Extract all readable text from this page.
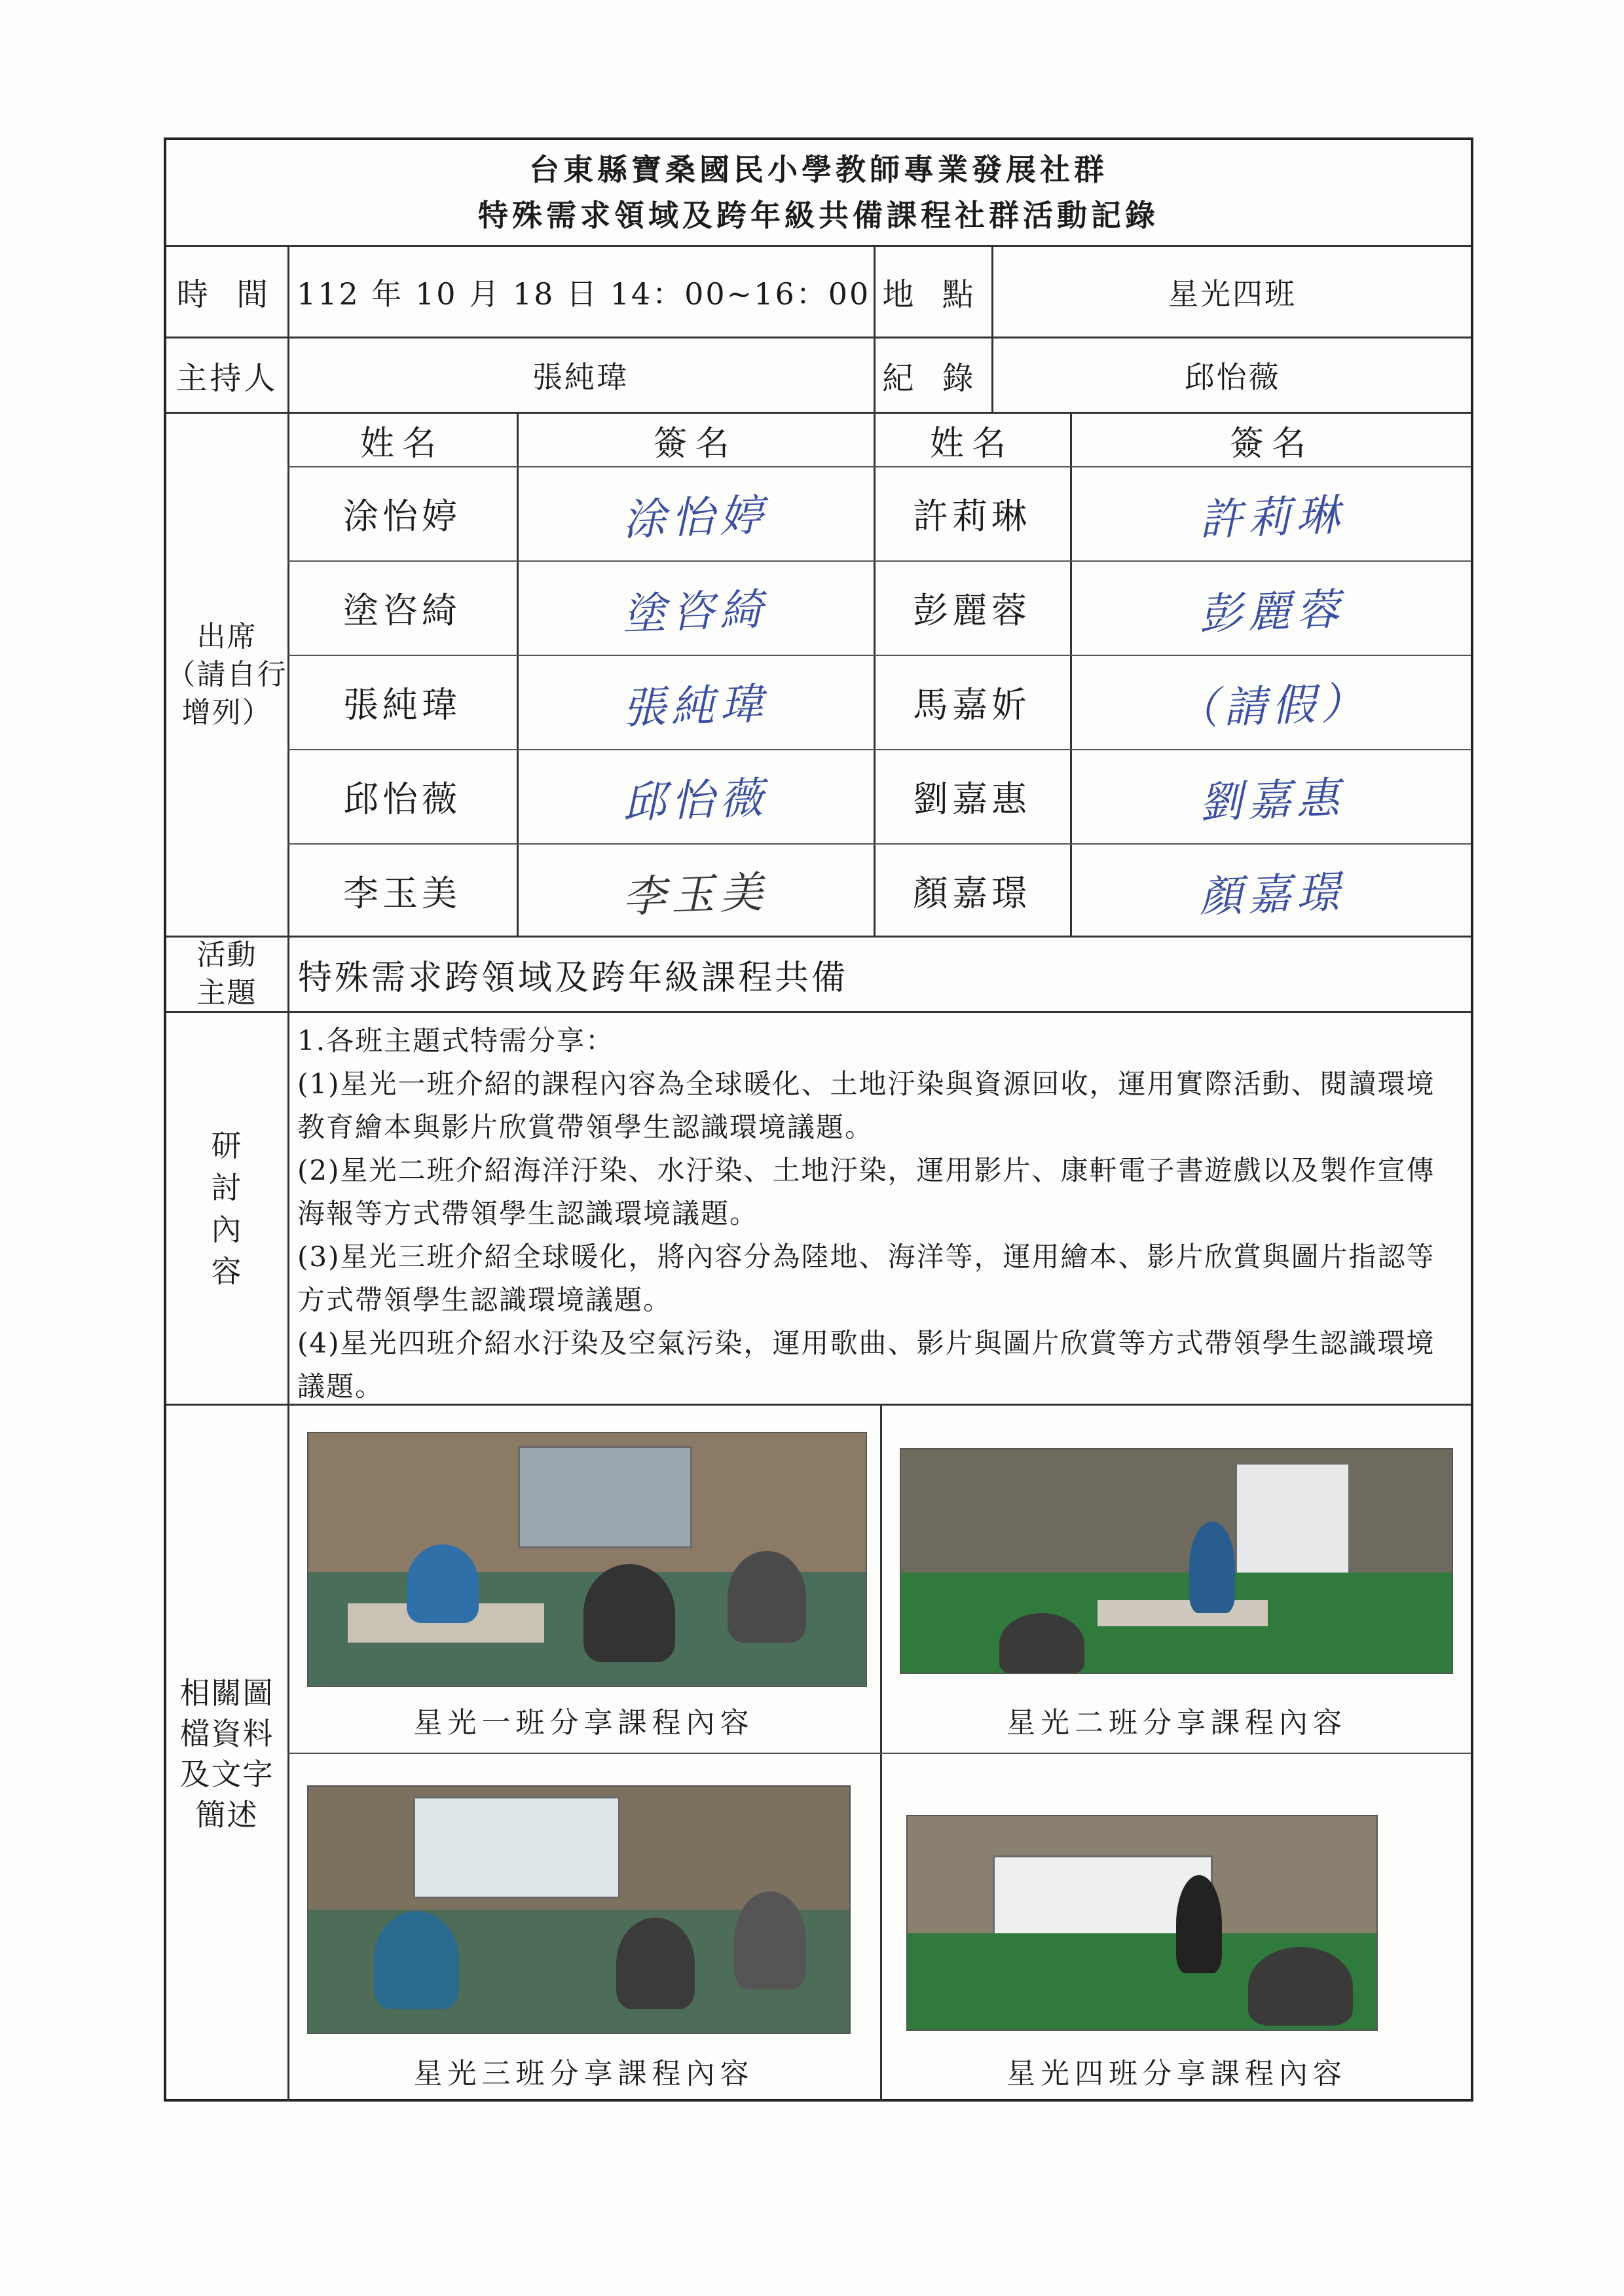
台東縣寶桑國民小學教師專業發展社群
特殊需求領域及跨年級共備課程社群活動記錄
時 間 112 年 10 月 18 日 14：00~16：00 地 點	星光四班
主持人	張純瑋	紀 錄	邱怡薇
出席
（請自行
增列）
姓名	簽名	姓名	簽名
涂怡婷	涂怡婷	許莉琳	許莉琳
塗咨綺	塗咨綺	彭麗蓉	彭麗蓉
張純瑋	張純瑋	馬嘉妡	（請假）
邱怡薇	邱怡薇	劉嘉惠	劉嘉惠
李玉美	李玉美	顏嘉璟	顏嘉璟
活動
主題	特殊需求跨領域及跨年級課程共備
研
討
內
容
1.各班主題式特需分享：
(1)星光一班介紹的課程內容為全球暖化、土地汙染與資源回收，運用實際活動、閱讀環境教育繪本與影片欣賞帶領學生認識環境議題。
(2)星光二班介紹海洋汙染、水汙染、土地汙染，運用影片、康軒電子書遊戲以及製作宣傳海報等方式帶領學生認識環境議題。
(3)星光三班介紹全球暖化，將內容分為陸地、海洋等，運用繪本、影片欣賞與圖片指認等方式帶領學生認識環境議題。
(4)星光四班介紹水汙染及空氣污染，運用歌曲、影片與圖片欣賞等方式帶領學生認識環境議題。
相關圖
檔資料
及文字
簡述
星光一班分享課程內容	星光二班分享課程內容
星光三班分享課程內容	星光四班分享課程內容
